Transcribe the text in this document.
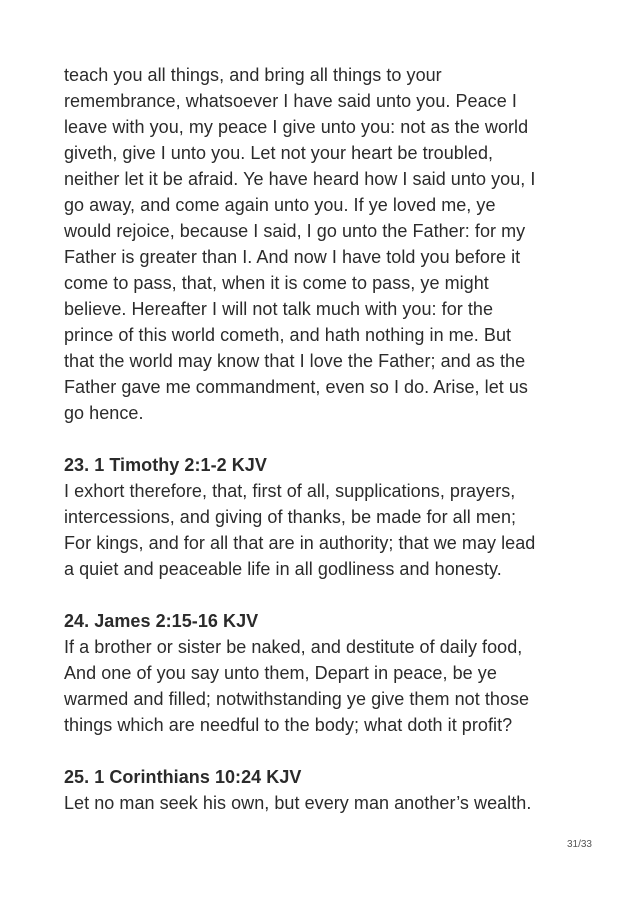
teach you all things, and bring all things to your
remembrance, whatsoever I have said unto you. Peace I
leave with you, my peace I give unto you: not as the world
giveth, give I unto you. Let not your heart be troubled,
neither let it be afraid. Ye have heard how I said unto you, I
go away, and come again unto you. If ye loved me, ye
would rejoice, because I said, I go unto the Father: for my
Father is greater than I. And now I have told you before it
come to pass, that, when it is come to pass, ye might
believe. Hereafter I will not talk much with you: for the
prince of this world cometh, and hath nothing in me. But
that the world may know that I love the Father; and as the
Father gave me commandment, even so I do. Arise, let us
go hence.

23. 1 Timothy 2:1-2 KJV
I exhort therefore, that, first of all, supplications, prayers,
intercessions, and giving of thanks, be made for all men;
For kings, and for all that are in authority; that we may lead
a quiet and peaceable life in all godliness and honesty.
24. James 2:15-16 KJV
If a brother or sister be naked, and destitute of daily food,
And one of you say unto them, Depart in peace, be ye
warmed and filled; notwithstanding ye give them not those
things which are needful to the body; what doth it profit?
25. 1 Corinthians 10:24 KJV
Let no man seek his own, but every man another’s wealth.
31/33
